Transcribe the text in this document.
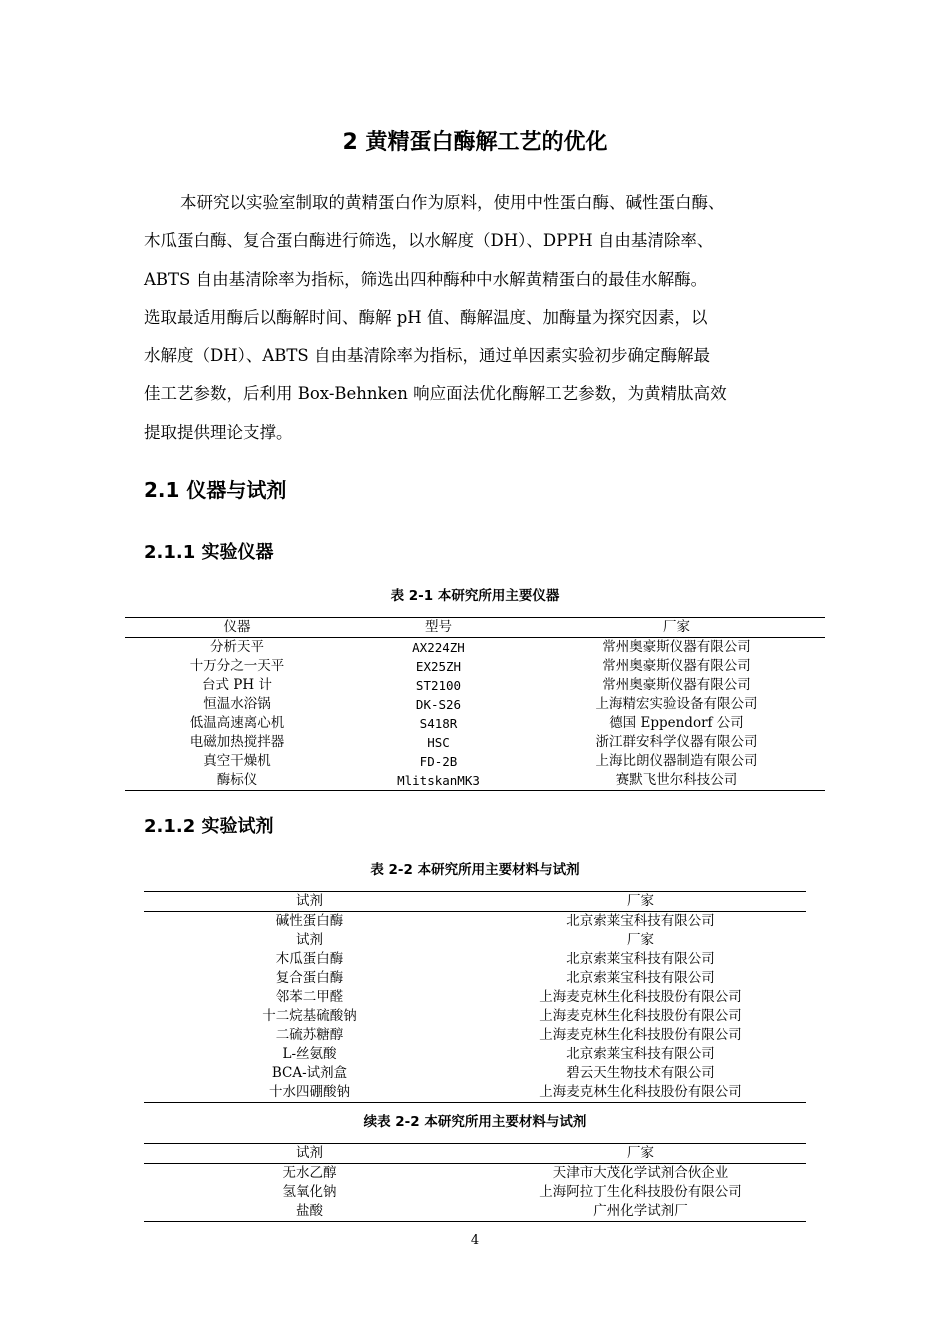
2 黄精蛋白酶解工艺的优化
本研究以实验室制取的黄精蛋白作为原料，使用中性蛋白酶、碱性蛋白酶、
木瓜蛋白酶、复合蛋白酶进行筛选，以水解度（DH）、DPPH 自由基清除率、
ABTS 自由基清除率为指标，筛选出四种酶种中水解黄精蛋白的最佳水解酶。
选取最适用酶后以酶解时间、酶解 pH 值、酶解温度、加酶量为探究因素，以
水解度（DH）、ABTS 自由基清除率为指标，通过单因素实验初步确定酶解最
佳工艺参数，后利用 Box-Behnken 响应面法优化酶解工艺参数，为黄精肽高效
提取提供理论支撑。
2.1 仪器与试剂
2.1.1 实验仪器
表 2-1 本研究所用主要仪器
仪器	型号	厂家
分析天平	AX224ZH	常州奥豪斯仪器有限公司
十万分之一天平	EX25ZH	常州奥豪斯仪器有限公司
台式 PH 计	ST2100	常州奥豪斯仪器有限公司
恒温水浴锅	DK-S26	上海精宏实验设备有限公司
低温高速离心机	S418R	德国 Eppendorf 公司
电磁加热搅拌器	HSC	浙江群安科学仪器有限公司
真空干燥机	FD-2B	上海比朗仪器制造有限公司
酶标仪	MlitskanMK3	赛默飞世尔科技公司
2.1.2 实验试剂
表 2-2 本研究所用主要材料与试剂
试剂	厂家
碱性蛋白酶	北京索莱宝科技有限公司
试剂	厂家
木瓜蛋白酶	北京索莱宝科技有限公司
复合蛋白酶	北京索莱宝科技有限公司
邻苯二甲醛	上海麦克林生化科技股份有限公司
十二烷基硫酸钠	上海麦克林生化科技股份有限公司
二硫苏糖醇	上海麦克林生化科技股份有限公司
L-丝氨酸	北京索莱宝科技有限公司
BCA-试剂盒	碧云天生物技术有限公司
十水四硼酸钠	上海麦克林生化科技股份有限公司
续表 2-2 本研究所用主要材料与试剂
试剂	厂家
无水乙醇	天津市大茂化学试剂合伙企业
氢氧化钠	上海阿拉丁生化科技股份有限公司
盐酸	广州化学试剂厂
4
